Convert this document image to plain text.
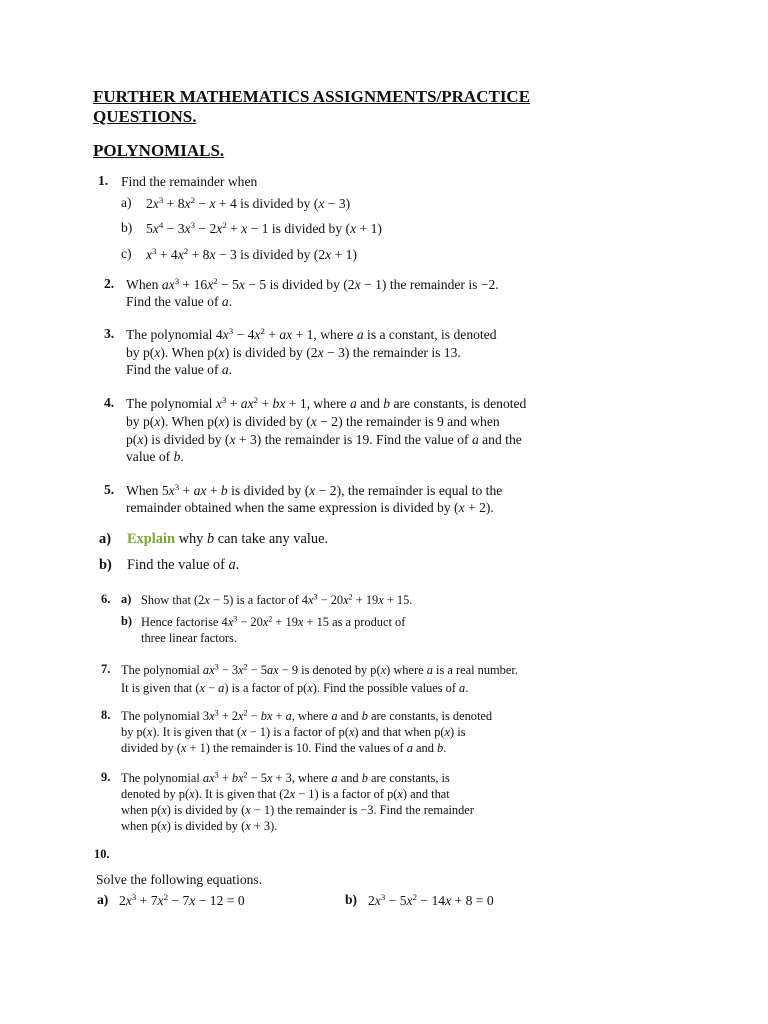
FURTHER MATHEMATICS ASSIGNMENTS/PRACTICE QUESTIONS.
POLYNOMIALS.
1. Find the remainder when
a) $2x^3 + 8x^2 - x + 4$ is divided by (x − 3)
b) $5x^4 - 3x^3 - 2x^2 + x - 1$ is divided by (x + 1)
c) $x^3 + 4x^2 + 8x - 3$ is divided by (2x + 1)
2. When $ax^3 + 16x^2 - 5x - 5$ is divided by (2x − 1) the remainder is −2.
Find the value of a.
3. The polynomial $4x^3 - 4x^2$ + ax + 1, where a is a constant, is denoted
by p(x). When p(x) is divided by (2x − 3) the remainder is 13.
Find the value of a.
4. The polynomial $x^3 + ax^2$ + bx + 1, where a and b are constants, is denoted
by p(x). When p(x) is divided by (x − 2) the remainder is 9 and when
p(x) is divided by (x + 3) the remainder is 19. Find the value of a and the
value of b.
5. When $5x^3$ + ax + b is divided by (x − 2), the remainder is equal to the
remainder obtained when the same expression is divided by (x + 2).
a) Explain why b can take any value.
b) Find the value of a.
6. a) Show that (2x − 5) is a factor of $4x^3 - 20x^2 + 19x + 15$.
b) Hence factorise $4x^3 - 20x^2 + 19x + 15$ as a product of
three linear factors.
7. The polynomial $ax^3 - 3x^2 - 5ax - 9$ is denoted by p(x) where a is a real number.
It is given that (x − a) is a factor of p(x). Find the possible values of a.
8. The polynomial $3x^3 + 2x^2$ − bx + a, where a and b are constants, is denoted
by p(x). It is given that (x − 1) is a factor of p(x) and that when p(x) is
divided by (x + 1) the remainder is 10. Find the values of a and b.
9. The polynomial $ax^3 + bx^2 - 5x + 3$, where a and b are constants, is
denoted by p(x). It is given that (2x − 1) is a factor of p(x) and that
when p(x) is divided by (x − 1) the remainder is −3. Find the remainder
when p(x) is divided by (x + 3).
10.
Solve the following equations.
a) $2x^3 + 7x^2 - 7x - 12 = 0$	b) $2x^3 - 5x^2 - 14x + 8 = 0$
